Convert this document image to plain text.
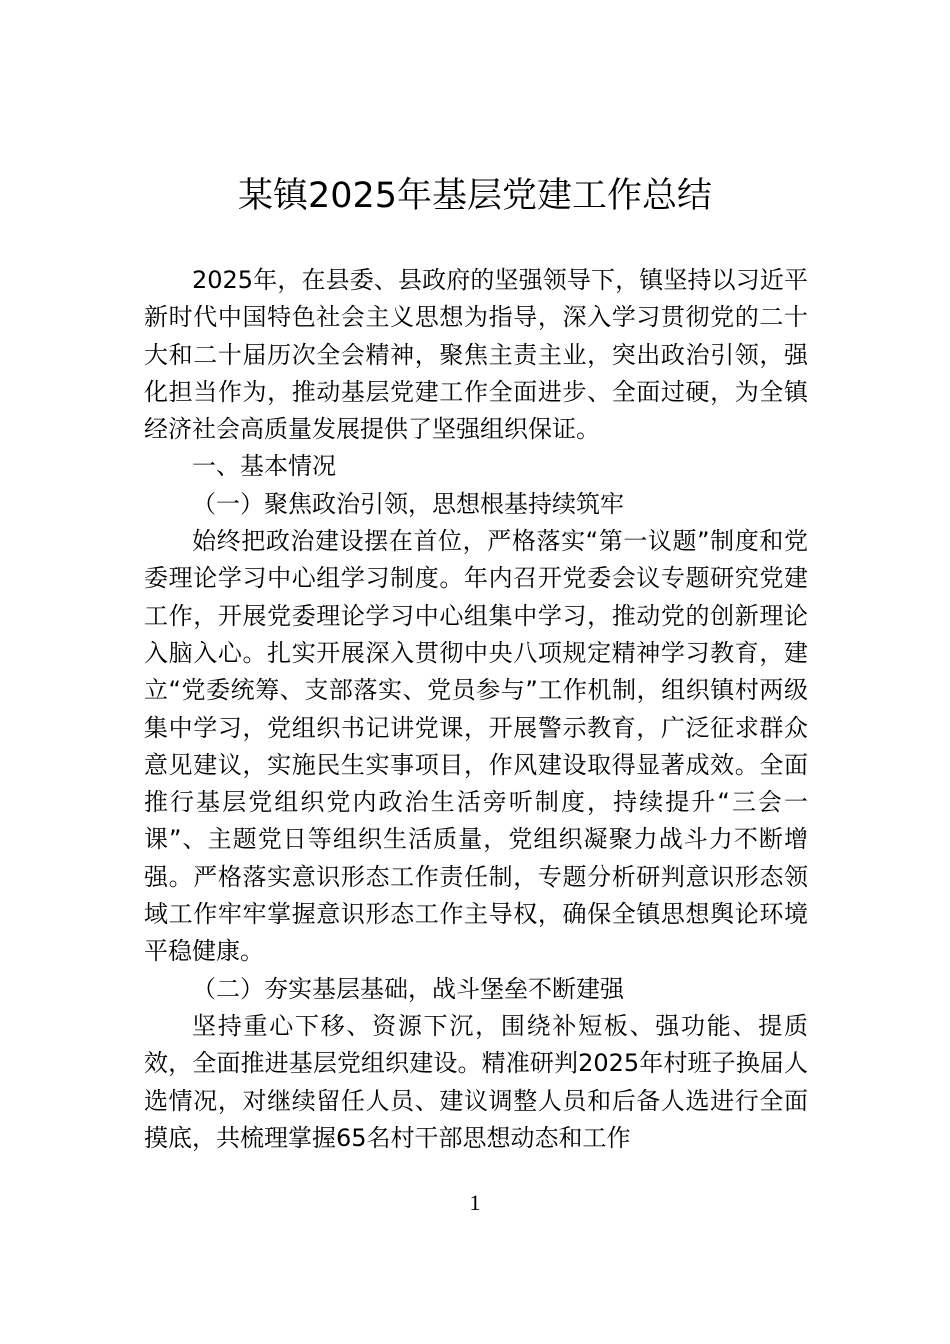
某镇2025年基层党建工作总结

2025年，在县委、县政府的坚强领导下，镇坚持以习近平新时代中国特色社会主义思想为指导，深入学习贯彻党的二十大和二十届历次全会精神，聚焦主责主业，突出政治引领，强化担当作为，推动基层党建工作全面进步、全面过硬，为全镇经济社会高质量发展提供了坚强组织保证。

一、基本情况

（一）聚焦政治引领，思想根基持续筑牢

始终把政治建设摆在首位，严格落实“第一议题”制度和党委理论学习中心组学习制度。年内召开党委会议专题研究党建工作，开展党委理论学习中心组集中学习，推动党的创新理论入脑入心。扎实开展深入贯彻中央八项规定精神学习教育，建立“党委统筹、支部落实、党员参与”工作机制，组织镇村两级集中学习，党组织书记讲党课，开展警示教育，广泛征求群众意见建议，实施民生实事项目，作风建设取得显著成效。全面推行基层党组织党内政治生活旁听制度，持续提升“三会一课”、主题党日等组织生活质量，党组织凝聚力战斗力不断增强。严格落实意识形态工作责任制，专题分析研判意识形态领域工作牢牢掌握意识形态工作主导权，确保全镇思想舆论环境平稳健康。

（二）夯实基层基础，战斗堡垒不断建强

坚持重心下移、资源下沉，围绕补短板、强功能、提质效，全面推进基层党组织建设。精准研判2025年村班子换届人选情况，对继续留任人员、建议调整人员和后备人选进行全面摸底，共梳理掌握65名村干部思想动态和工作

1
